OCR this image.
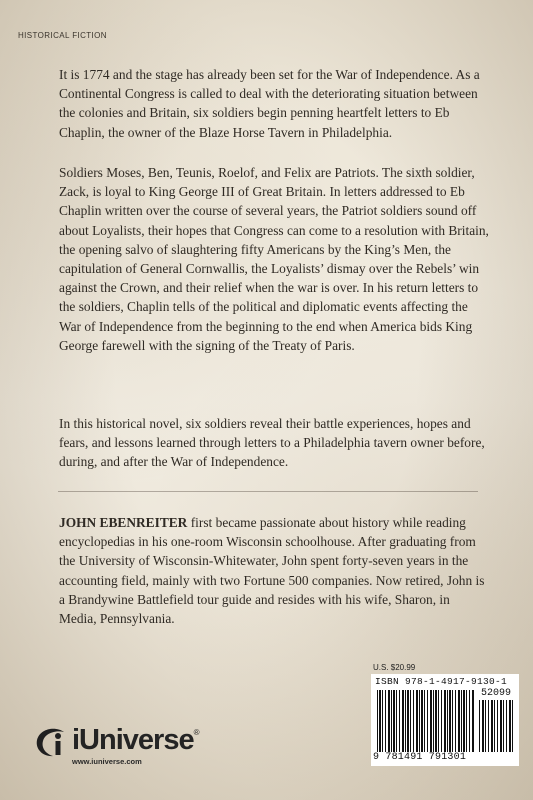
HISTORICAL FICTION

It is 1774 and the stage has already been set for the War of Independence. As a Continental Congress is called to deal with the deteriorating situation between the colonies and Britain, six soldiers begin penning heartfelt letters to Eb Chaplin, the owner of the Blaze Horse Tavern in Philadelphia.

Soldiers Moses, Ben, Teunis, Roelof, and Felix are Patriots. The sixth soldier, Zack, is loyal to King George III of Great Britain. In letters addressed to Eb Chaplin written over the course of several years, the Patriot soldiers sound off about Loyalists, their hopes that Congress can come to a resolution with Britain, the opening salvo of slaughtering fifty Americans by the King’s Men, the capitulation of General Cornwallis, the Loyalists’ dismay over the Rebels’ win against the Crown, and their relief when the war is over. In his return letters to the soldiers, Chaplin tells of the political and diplomatic events affecting the War of Independence from the beginning to the end when America bids King George farewell with the signing of the Treaty of Paris.

In this historical novel, six soldiers reveal their battle experiences, hopes and fears, and lessons learned through letters to a Philadelphia tavern owner before, during, and after the War of Independence.

JOHN EBENREITER first became passionate about history while reading encyclopedias in his one-room Wisconsin schoolhouse. After graduating from the University of Wisconsin-Whitewater, John spent forty-seven years in the accounting field, mainly with two Fortune 500 companies. Now retired, John is a Brandywine Battlefield tour guide and resides with his wife, Sharon, in Media, Pennsylvania.

U.S. $20.99
ISBN 978-1-4917-9130-1
52099
9 781491 791301
iUniverse®
www.iuniverse.com
